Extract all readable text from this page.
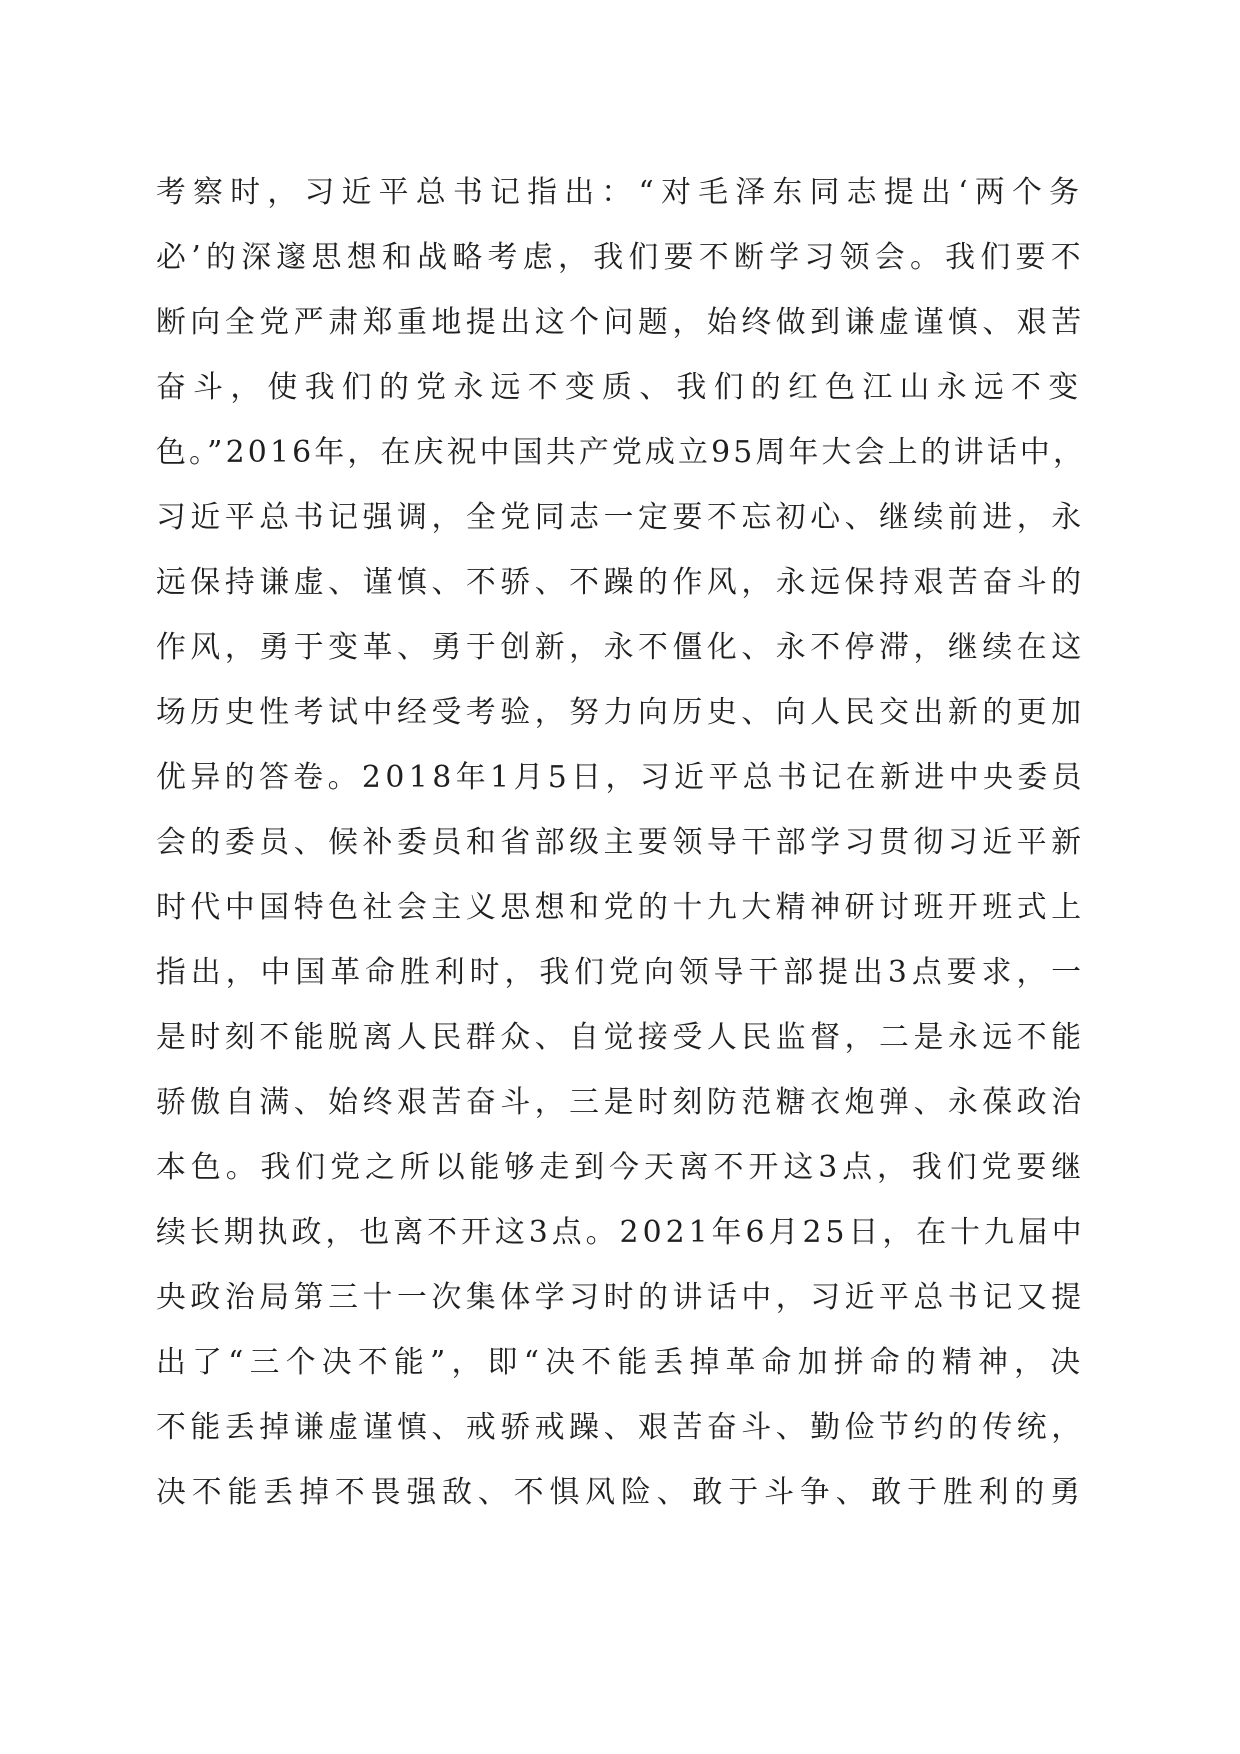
考察时，习近平总书记指出：“对毛泽东同志提出‘两个务
必’的深邃思想和战略考虑，我们要不断学习领会。我们要不
断向全党严肃郑重地提出这个问题，始终做到谦虚谨慎、艰苦
奋斗，使我们的党永远不变质、我们的红色江山永远不变
色。”2016年，在庆祝中国共产党成立95周年大会上的讲话中，
习近平总书记强调，全党同志一定要不忘初心、继续前进，永
远保持谦虚、谨慎、不骄、不躁的作风，永远保持艰苦奋斗的
作风，勇于变革、勇于创新，永不僵化、永不停滞，继续在这
场历史性考试中经受考验，努力向历史、向人民交出新的更加
优异的答卷。2018年1月5日，习近平总书记在新进中央委员
会的委员、候补委员和省部级主要领导干部学习贯彻习近平新
时代中国特色社会主义思想和党的十九大精神研讨班开班式上
指出，中国革命胜利时，我们党向领导干部提出3点要求，一
是时刻不能脱离人民群众、自觉接受人民监督，二是永远不能
骄傲自满、始终艰苦奋斗，三是时刻防范糖衣炮弹、永葆政治
本色。我们党之所以能够走到今天离不开这3点，我们党要继
续长期执政，也离不开这3点。2021年6月25日，在十九届中
央政治局第三十一次集体学习时的讲话中，习近平总书记又提
出了“三个决不能”，即“决不能丢掉革命加拼命的精神，决
不能丢掉谦虚谨慎、戒骄戒躁、艰苦奋斗、勤俭节约的传统，
决不能丢掉不畏强敌、不惧风险、敢于斗争、敢于胜利的勇
